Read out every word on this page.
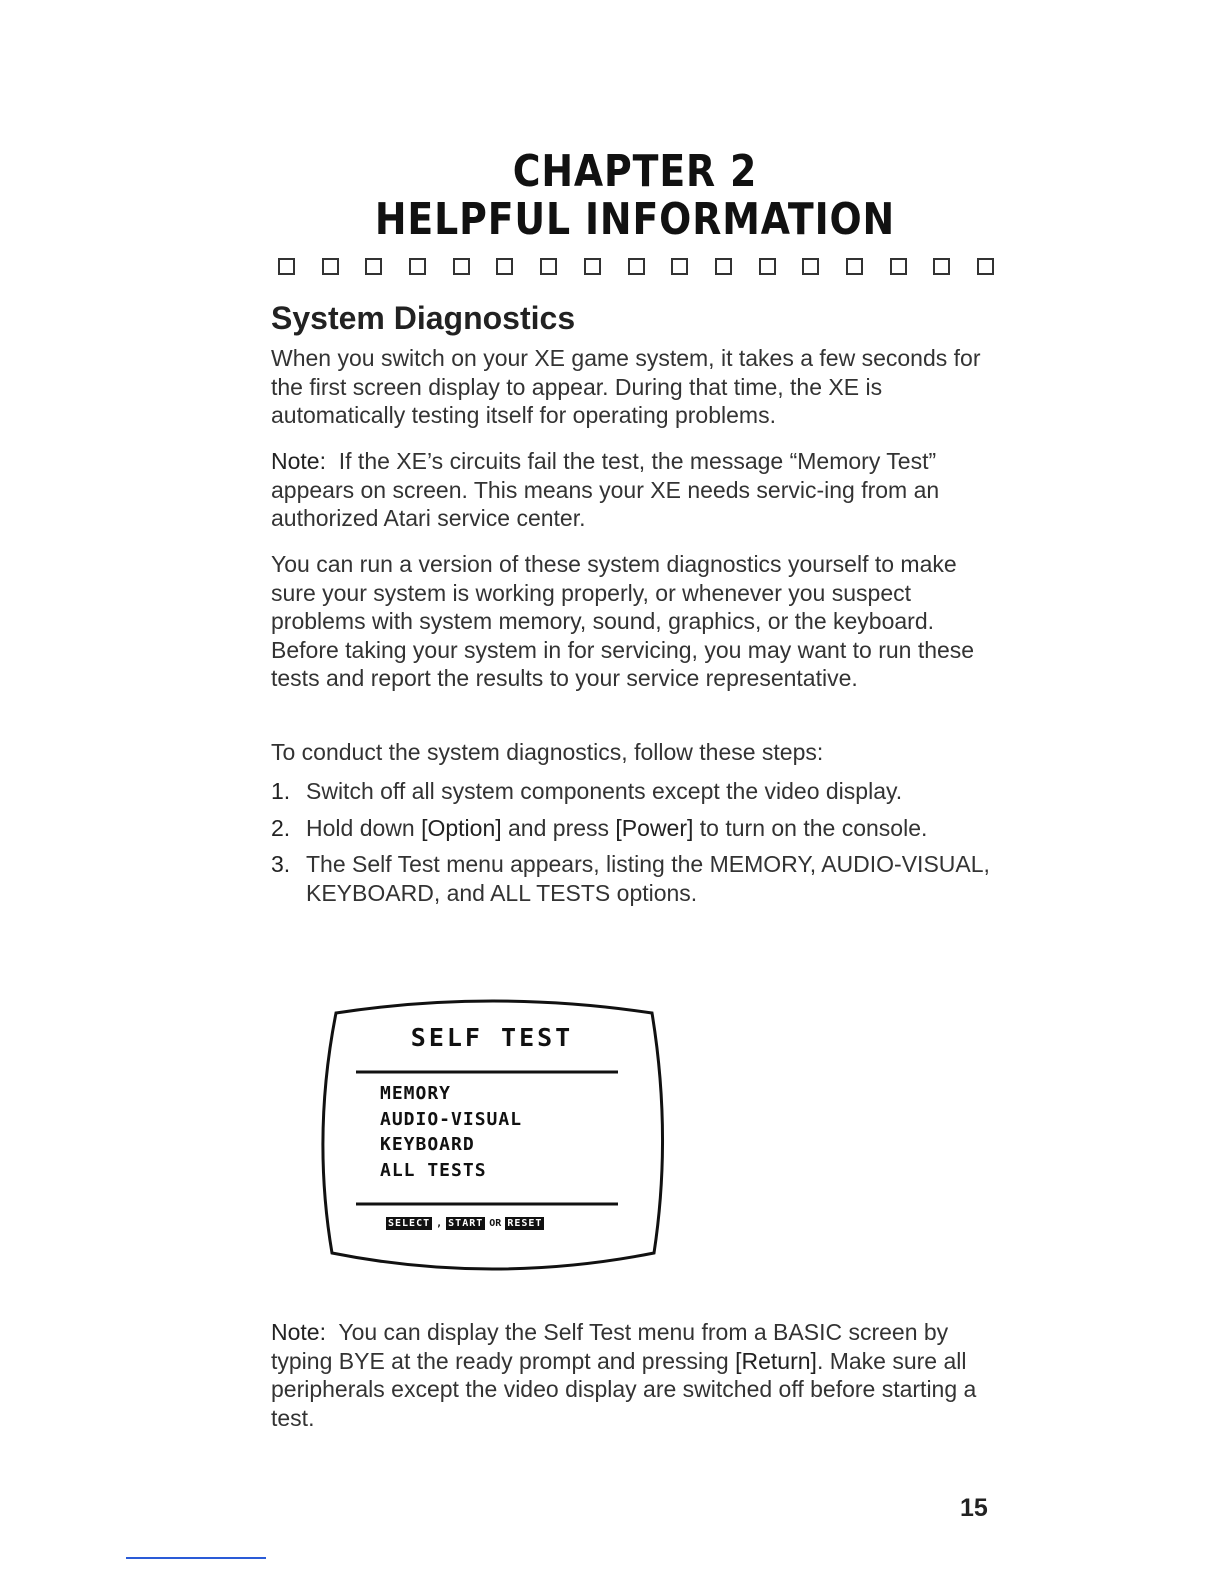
CHAPTER 2
HELPFUL INFORMATION
System Diagnostics
When you switch on your XE game system, it takes a few seconds for the first screen display to appear. During that time, the XE is automatically testing itself for operating problems.
Note: If the XE’s circuits fail the test, the message “Memory Test” appears on screen. This means your XE needs servic-ing from an authorized Atari service center.
You can run a version of these system diagnostics yourself to make sure your system is working properly, or whenever you suspect problems with system memory, sound, graphics, or the keyboard. Before taking your system in for servicing, you may want to run these tests and report the results to your service representative.
To conduct the system diagnostics, follow these steps:
1. Switch off all system components except the video display.
2. Hold down [Option] and press [Power] to turn on the console.
3. The Self Test menu appears, listing the MEMORY, AUDIO-VISUAL, KEYBOARD, and ALL TESTS options.
SELF TEST
MEMORY
AUDIO-VISUAL
KEYBOARD
ALL TESTS
SELECT , START OR RESET
Note: You can display the Self Test menu from a BASIC screen by typing BYE at the ready prompt and pressing [Return]. Make sure all peripherals except the video display are switched off before starting a test.
15
